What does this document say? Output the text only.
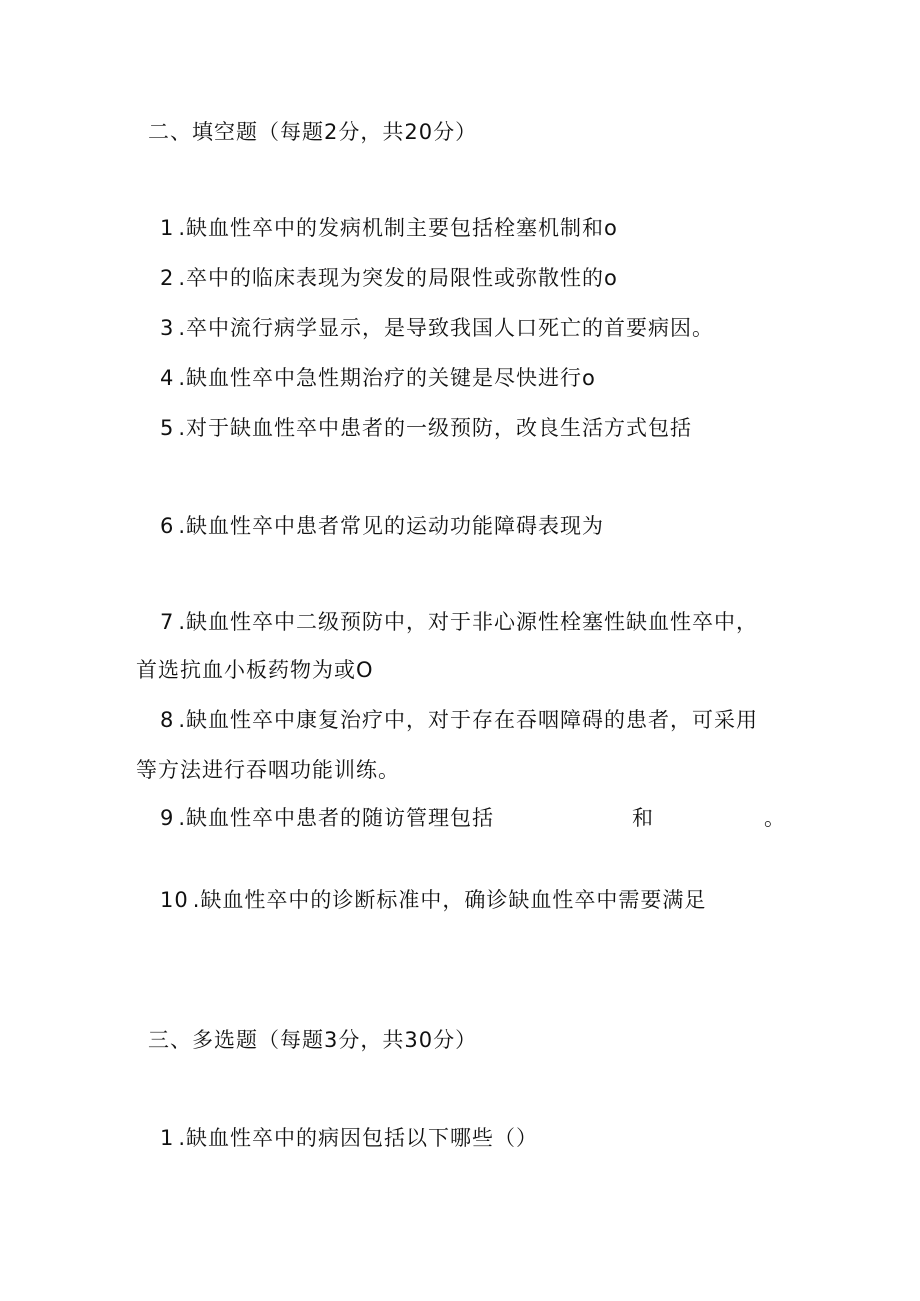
二、填空题（每题2分，共20分）
1 .缺血性卒中的发病机制主要包括栓塞机制和o
2 .卒中的临床表现为突发的局限性或弥散性的o
3 .卒中流行病学显示，是导致我国人口死亡的首要病因。
4 .缺血性卒中急性期治疗的关键是尽快进行o
5 .对于缺血性卒中患者的一级预防，改良生活方式包括
6 .缺血性卒中患者常见的运动功能障碍表现为
7 .缺血性卒中二级预防中，对于非心源性栓塞性缺血性卒中，
首选抗血小板药物为或O
8 .缺血性卒中康复治疗中，对于存在吞咽障碍的患者，可采用
等方法进行吞咽功能训练。
9 .缺血性卒中患者的随访管理包括	和	。
10 .缺血性卒中的诊断标准中，确诊缺血性卒中需要满足
三、多选题（每题3分，共30分）
1 .缺血性卒中的病因包括以下哪些（）
